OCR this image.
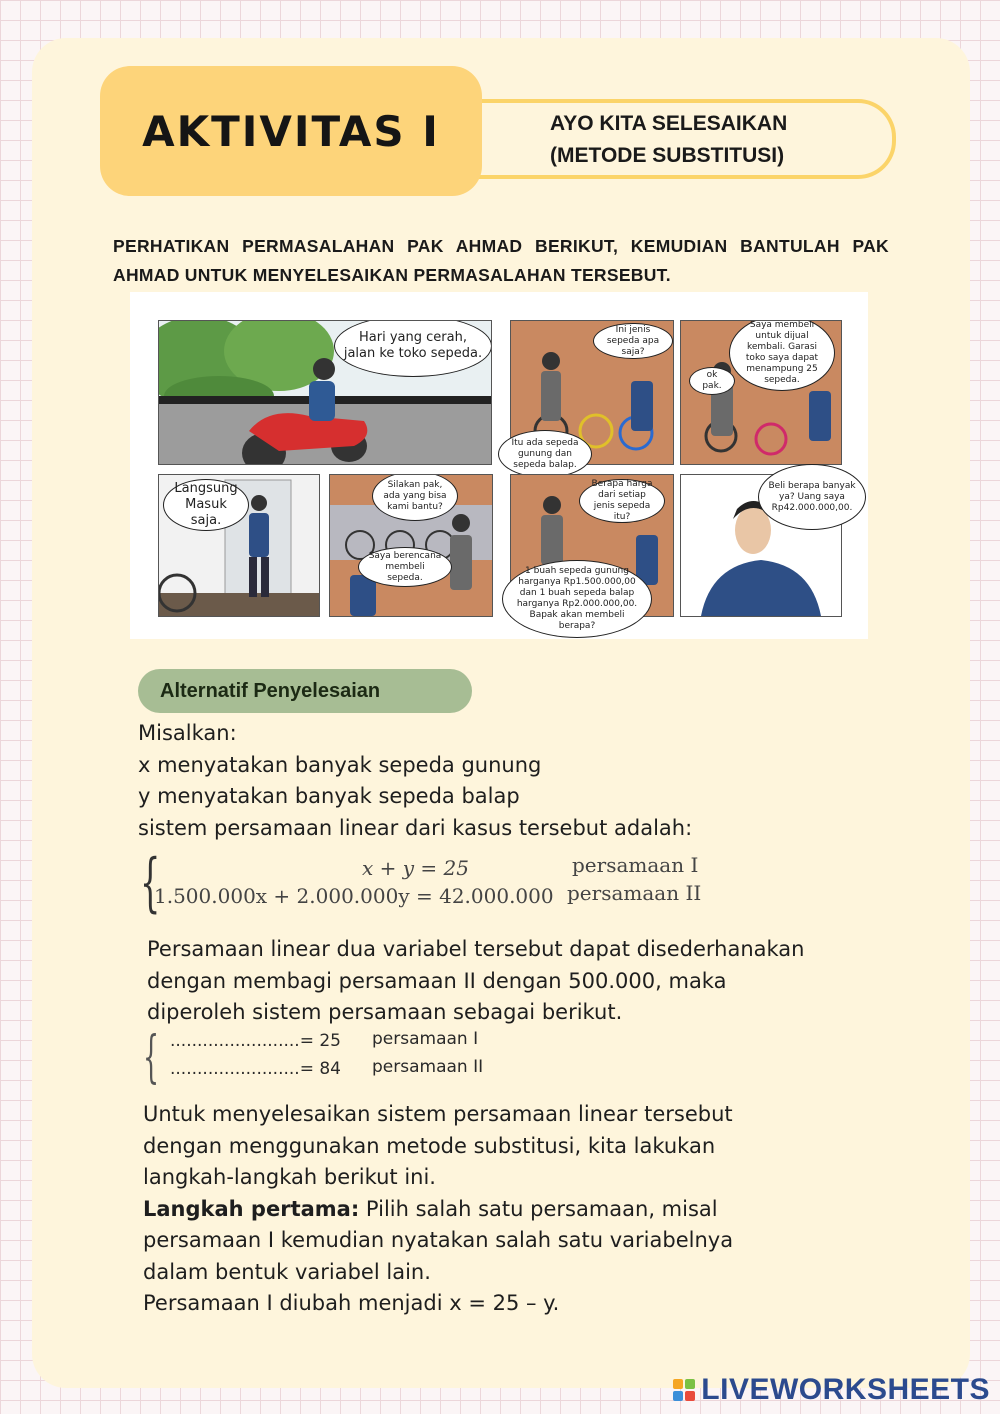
AKTIVITAS I	AYO KITA SELESAIKAN
(METODE SUBSTITUSI)
PERHATIKAN PERMASALAHAN PAK AHMAD BERIKUT, KEMUDIAN BANTULAH PAK AHMAD UNTUK MENYELESAIKAN PERMASALAHAN TERSEBUT.
Hari yang cerah, jalan ke toko sepeda.
Langsung Masuk saja.
Silakan pak, ada yang bisa kami bantu?
Saya berencana membeli sepeda.
Ini jenis sepeda apa saja?
Itu ada sepeda gunung dan sepeda balap.
ok pak.
Saya membeli untuk dijual kembali. Garasi toko saya dapat menampung 25 sepeda.
Berapa harga dari setiap jenis sepeda itu?
1 buah sepeda gunung harganya Rp1.500.000,00 dan 1 buah sepeda balap harganya Rp2.000.000,00. Bapak akan membeli berapa?
Beli berapa banyak ya? Uang saya Rp42.000.000,00.
Alternatif Penyelesaian
Misalkan:
x menyatakan banyak sepeda gunung
y menyatakan banyak sepeda balap
sistem persamaan linear dari kasus tersebut adalah:
{	x + y = 25
1.500.000x + 2.000.000y = 42.000.000
persamaan I
persamaan II
Persamaan linear dua variabel tersebut dapat disederhanakan
dengan membagi persamaan II dengan 500.000, maka
diperoleh sistem persamaan sebagai berikut.
{ ........................= 25
........................= 84
persamaan I
persamaan II
Untuk menyelesaikan sistem persamaan linear tersebut
dengan menggunakan metode substitusi, kita lakukan
langkah-langkah berikut ini.
Langkah pertama: Pilih salah satu persamaan, misal
persamaan I kemudian nyatakan salah satu variabelnya
dalam bentuk variabel lain.
Persamaan I diubah menjadi x = 25 – y.
LIVEWORKSHEETS
